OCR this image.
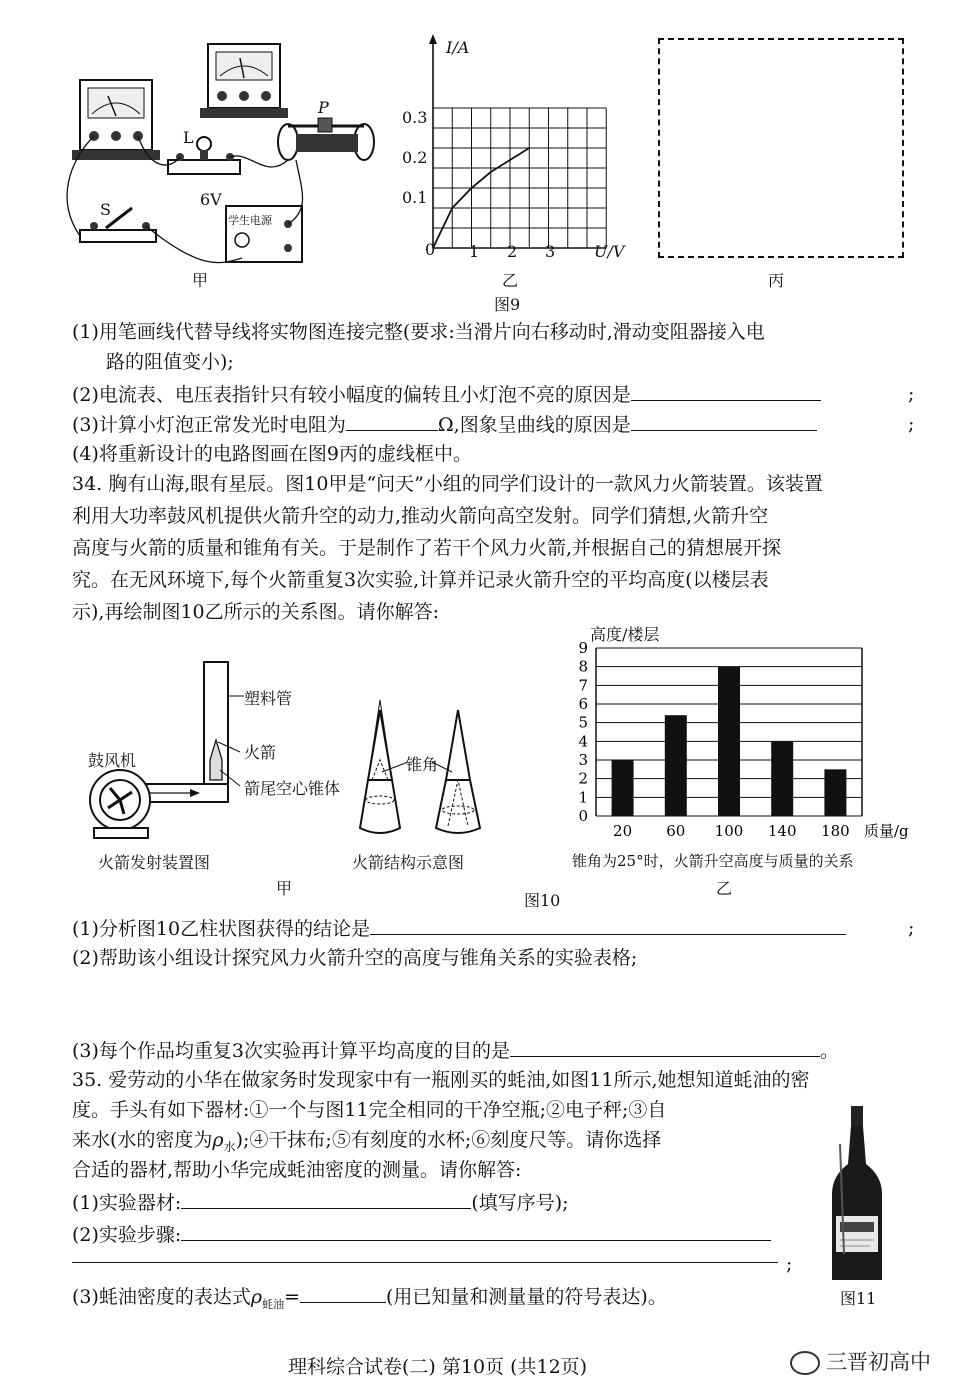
L
P
S
6V
学生电源
甲
I/A
U/V
0.3
0.2
0.1
0 1 2 3
乙
图9
丙
(1)用笔画线代替导线将实物图连接完整(要求:当滑片向右移动时,滑动变阻器接入电
路的阻值变小);
(2)电流表、电压表指针只有较小幅度的偏转且小灯泡不亮的原因是	;
(3)计算小灯泡正常发光时电阻为	Ω,图象呈曲线的原因是	;
(4)将重新设计的电路图画在图9丙的虚线框中。
34. 胸有山海,眼有星辰。图10甲是“问天”小组的同学们设计的一款风力火箭装置。该装置
利用大功率鼓风机提供火箭升空的动力,推动火箭向高空发射。同学们猜想,火箭升空
高度与火箭的质量和锥角有关。于是制作了若干个风力火箭,并根据自己的猜想展开探
究。在无风环境下,每个火箭重复3次实验,计算并记录火箭升空的平均高度(以楼层表
示),再绘制图10乙所示的关系图。请你解答:
塑料管
鼓风机	火箭
箭尾空心锥体
锥角
火箭发射装置图	火箭结构示意图
甲
高度/楼层
0
1
2
3
4
5
6
7
8
9
20 60 100 140 180 质量/g
锥角为25°时，火箭升空高度与质量的关系
乙
图10
(1)分析图10乙柱状图获得的结论是	;
(2)帮助该小组设计探究风力火箭升空的高度与锥角关系的实验表格;
(3)每个作品均重复3次实验再计算平均高度的目的是	。
35. 爱劳动的小华在做家务时发现家中有一瓶刚买的蚝油,如图11所示,她想知道蚝油的密
度。手头有如下器材:①一个与图11完全相同的干净空瓶;②电子秤;③自
来水(水的密度为$\rho_水);④$干抹布;⑤有刻度的水杯;⑥刻度尺等。请你选择
合适的器材,帮助小华完成蚝油密度的测量。请你解答:
(1)实验器材:	(填写序号);
(2)实验步骤:
;
(3)蚝油密度的表达式$\rho_{蚝油}=$	(用已知量和测量量的符号表达)。	图11
理科综合试卷(二) 第10页 (共12页)	三晋初高中
